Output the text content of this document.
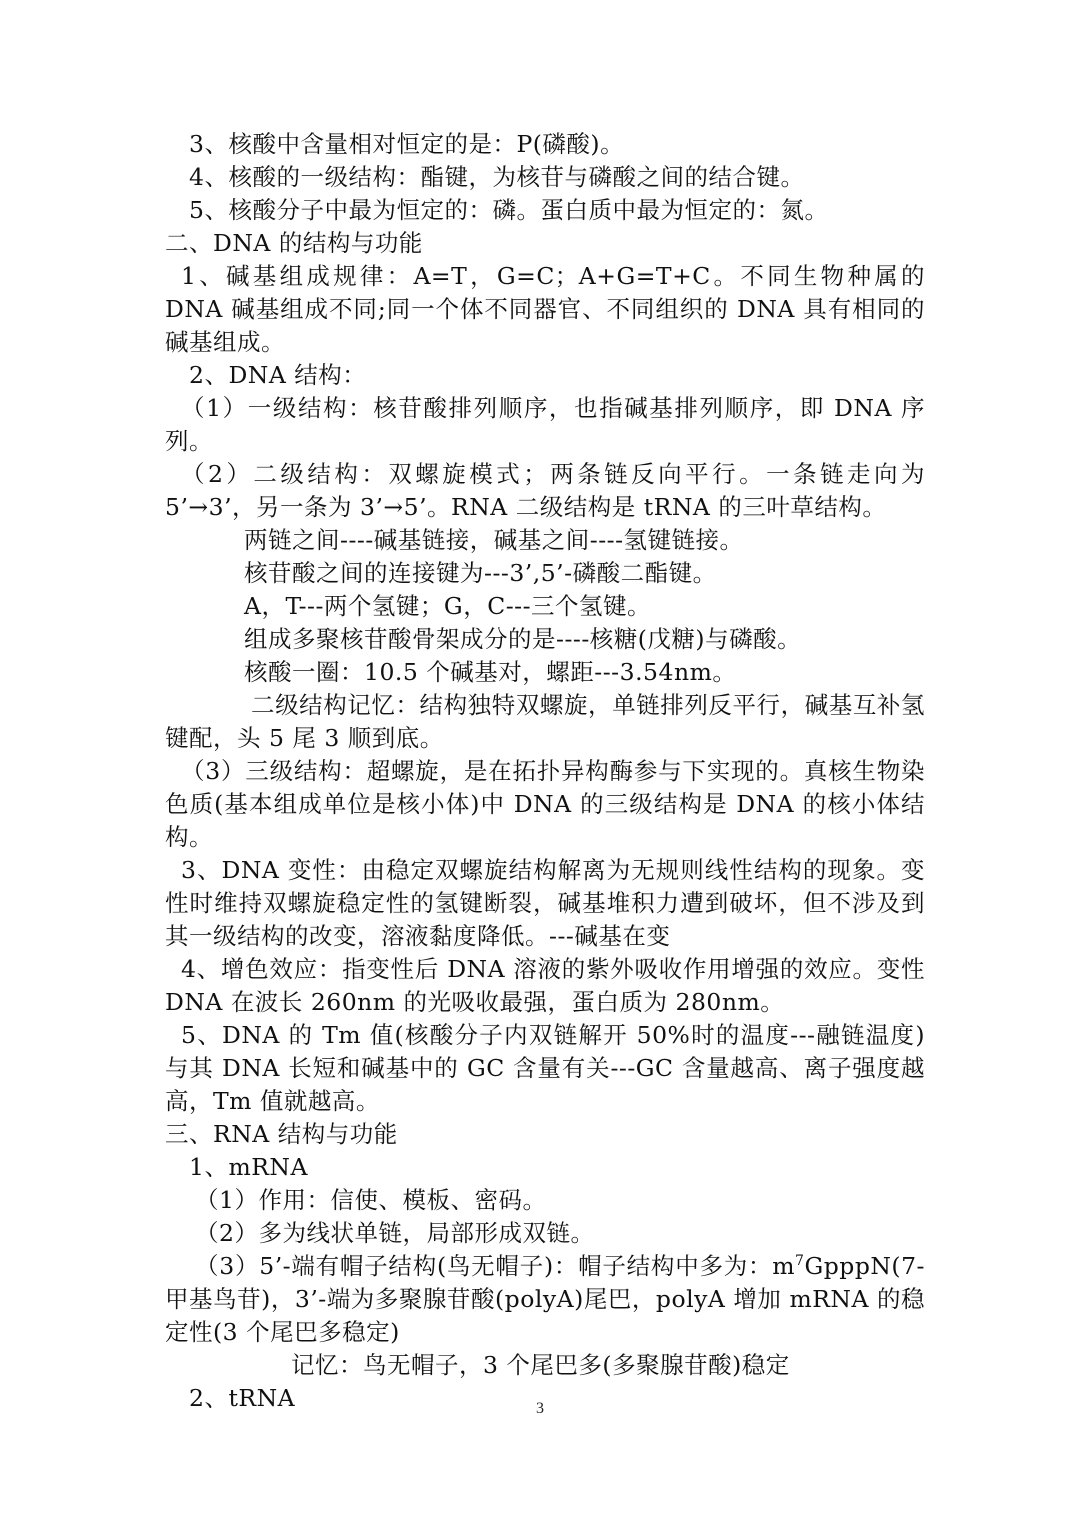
3、核酸中含量相对恒定的是：P(磷酸)。
4、核酸的一级结构：酯键，为核苷与磷酸之间的结合键。
5、核酸分子中最为恒定的：磷。蛋白质中最为恒定的：氮。
二、DNA 的结构与功能
1、碱基组成规律：A=T，G=C；A+G=T+C。不同生物种属的 DNA 碱基组成不同;同一个体不同器官、不同组织的 DNA 具有相同的碱基组成。
2、DNA 结构：
（1）一级结构：核苷酸排列顺序，也指碱基排列顺序，即 DNA 序列。
（2）二级结构：双螺旋模式；两条链反向平行。一条链走向为 5’→3’，另一条为 3’→5’。RNA 二级结构是 tRNA 的三叶草结构。
两链之间----碱基链接，碱基之间----氢键链接。
核苷酸之间的连接键为---3’,5’-磷酸二酯键。
A，T---两个氢键；G，C---三个氢键。
组成多聚核苷酸骨架成分的是----核糖(戊糖)与磷酸。
核酸一圈：10.5 个碱基对，螺距---3.54nm。
二级结构记忆：结构独特双螺旋，单链排列反平行，碱基互补氢键配，头 5 尾 3 顺到底。
（3）三级结构：超螺旋，是在拓扑异构酶参与下实现的。真核生物染色质(基本组成单位是核小体)中 DNA 的三级结构是 DNA 的核小体结构。
3、DNA 变性：由稳定双螺旋结构解离为无规则线性结构的现象。变性时维持双螺旋稳定性的氢键断裂，碱基堆积力遭到破坏，但不涉及到其一级结构的改变，溶液黏度降低。---碱基在变
4、增色效应：指变性后 DNA 溶液的紫外吸收作用增强的效应。变性 DNA 在波长 260nm 的光吸收最强，蛋白质为 280nm。
5、DNA 的 Tm 值(核酸分子内双链解开 50%时的温度---融链温度)与其 DNA 长短和碱基中的 GC 含量有关---GC 含量越高、离子强度越高，Tm 值就越高。
三、RNA 结构与功能
1、mRNA
（1）作用：信使、模板、密码。
（2）多为线状单链，局部形成双链。
（3）5’-端有帽子结构(鸟无帽子)：帽子结构中多为：$m^7GpppN(7-$甲基鸟苷)，3’-端为多聚腺苷酸(polyA)尾巴，polyA 增加 mRNA 的稳定性(3 个尾巴多稳定)
记忆：鸟无帽子，3 个尾巴多(多聚腺苷酸)稳定
2、tRNA	3
